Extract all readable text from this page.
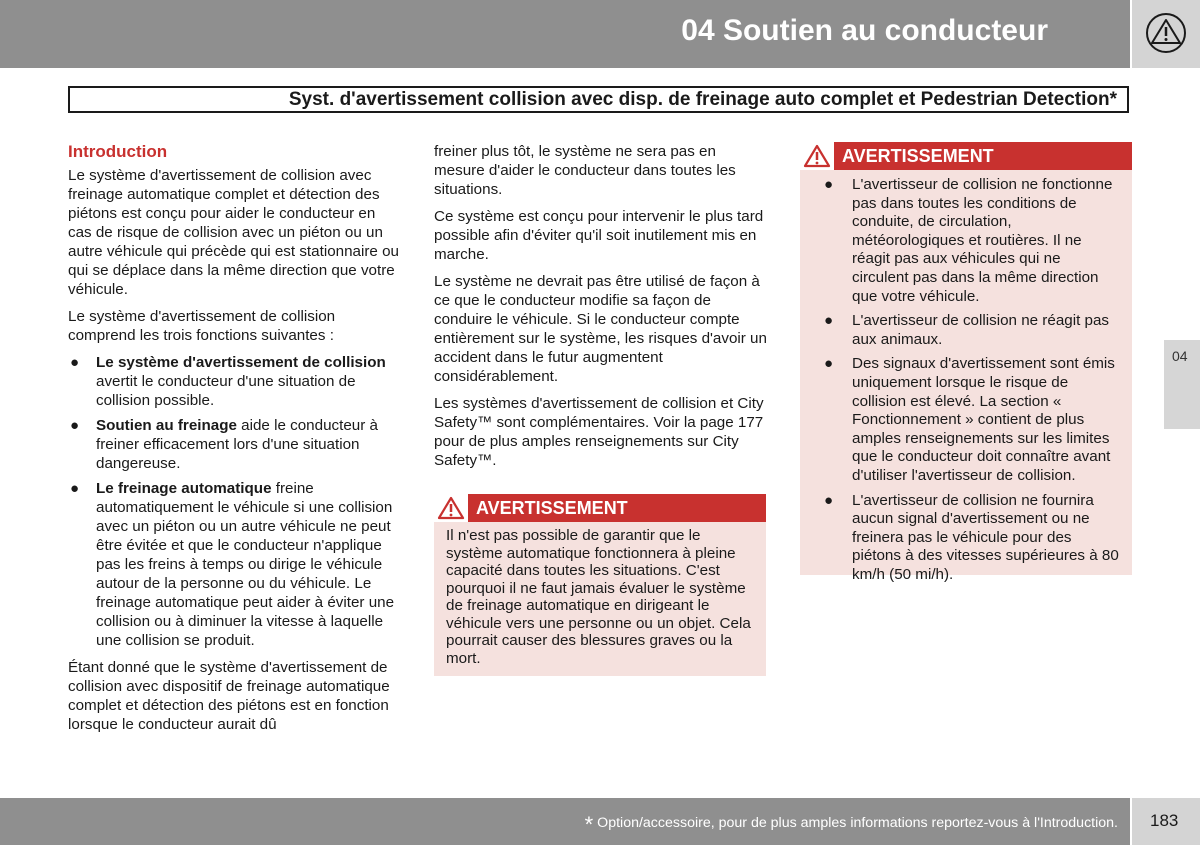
04 Soutien au conducteur
Syst. d'avertissement collision avec disp. de freinage auto complet et Pedestrian Detection*
Introduction

Le système d'avertissement de collision avec freinage automatique complet et détection des piétons est conçu pour aider le conducteur en cas de risque de collision avec un piéton ou un autre véhicule qui précède qui est stationnaire ou qui se déplace dans la même direction que votre véhicule.

Le système d'avertissement de collision comprend les trois fonctions suivantes :

● Le système d'avertissement de collision avertit le conducteur d'une situation de collision possible.
● Soutien au freinage aide le conducteur à freiner efficacement lors d'une situation dangereuse.
● Le freinage automatique freine automatiquement le véhicule si une collision avec un piéton ou un autre véhicule ne peut être évitée et que le conducteur n'applique pas les freins à temps ou dirige le véhicule autour de la personne ou du véhicule. Le freinage automatique peut aider à éviter une collision ou à diminuer la vitesse à laquelle une collision se produit.

Étant donné que le système d'avertissement de collision avec dispositif de freinage automatique complet et détection des piétons est en fonction lorsque le conducteur aurait dû

freiner plus tôt, le système ne sera pas en mesure d'aider le conducteur dans toutes les situations.

Ce système est conçu pour intervenir le plus tard possible afin d'éviter qu'il soit inutilement mis en marche.

Le système ne devrait pas être utilisé de façon à ce que le conducteur modifie sa façon de conduire le véhicule. Si le conducteur compte entièrement sur le système, les risques d'avoir un accident dans le futur augmentent considérablement.

Les systèmes d'avertissement de collision et City Safety™ sont complémentaires. Voir la page 177 pour de plus amples renseignements sur City Safety™.

AVERTISSEMENT
Il n'est pas possible de garantir que le système automatique fonctionnera à pleine capacité dans toutes les situations. C'est pourquoi il ne faut jamais évaluer le système de freinage automatique en dirigeant le véhicule vers une personne ou un objet. Cela pourrait causer des blessures graves ou la mort.
AVERTISSEMENT
● L'avertisseur de collision ne fonctionne pas dans toutes les conditions de conduite, de circulation, météorologiques et routières. Il ne réagit pas aux véhicules qui ne circulent pas dans la même direction que votre véhicule.
● L'avertisseur de collision ne réagit pas aux animaux.
● Des signaux d'avertissement sont émis uniquement lorsque le risque de collision est élevé. La section « Fonctionnement » contient de plus amples renseignements sur les limites que le conducteur doit connaître avant d'utiliser l'avertisseur de collision.
● L'avertisseur de collision ne fournira aucun signal d'avertissement ou ne freinera pas le véhicule pour des piétons à des vitesses supérieures à 80 km/h (50 mi/h).
04
* Option/accessoire, pour de plus amples informations reportez-vous à l'Introduction. 183
